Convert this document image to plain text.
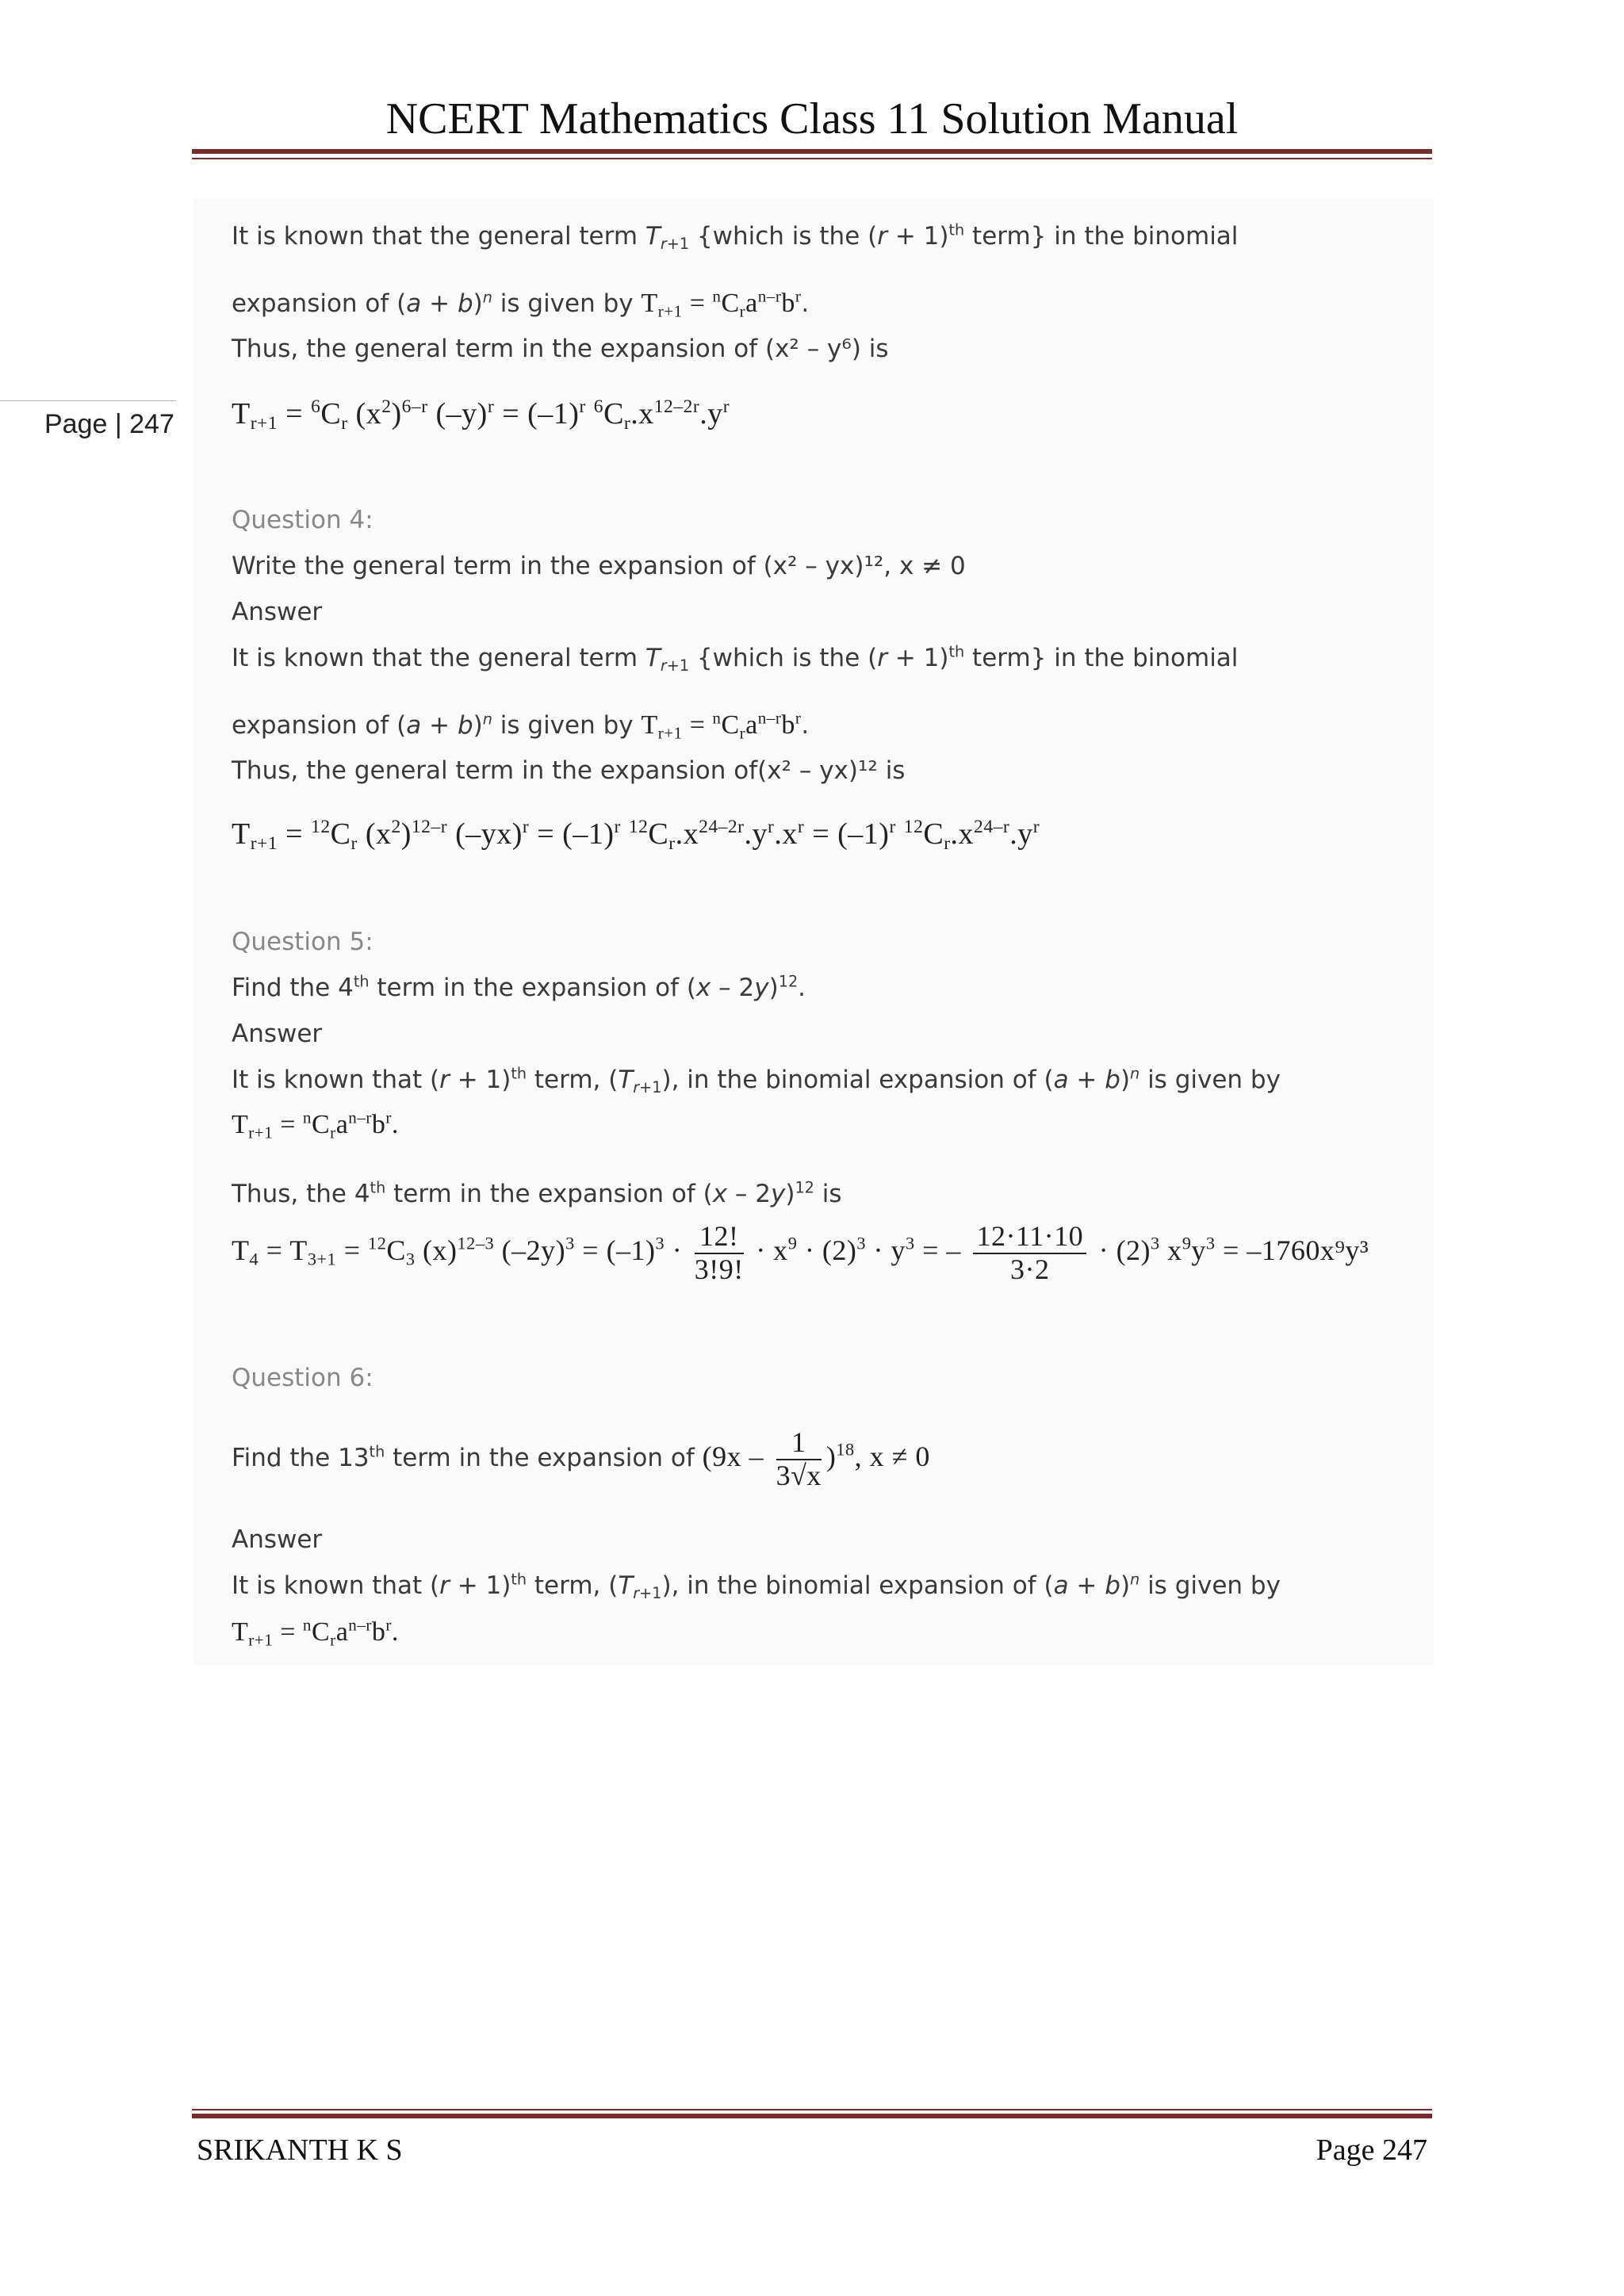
NCERT Mathematics Class 11 Solution Manual
Page | 247
It is known that the general term $T_{r+1}$ {which is the $(r + 1)^{th}$ term} in the binomial
expansion of $(a + b)^n$ is given by $T_{r+1} = ^nC_ra^{n-r}b^r$.
Thus, the general term in the expansion of (x² – y⁶) is
$T_{r+1} = ^6C_r$ $(x^2)^{6-r}$ $(-y)^r = (-1)^r$ $^6C_r.x^{12-2r}.y^r$
Question 4:
Write the general term in the expansion of (x² – yx)¹², x ≠ 0
Answer
It is known that the general term $T_{r+1}$ {which is the $(r + 1)^{th}$ term} in the binomial
expansion of $(a + b)^n$ is given by $T_{r+1} = ^nC_ra^{n-r}b^r$.
Thus, the general term in the expansion of(x² – yx)¹² is
$T_{r+1} = ^{12}C_r$ $(x^2)^{12-r}$ $(-yx)^r = (-1)^r$ $^{12}C_r.x^{24-2r}.y^r.x^r = (-1)^r$ $^{12}C_r.x^{24-r}.y^r$
Question 5:
Find the 4th term in the expansion of (x – 2y)$^{12}$.
Answer
It is known that $(r + 1)^{th}$ term, $(T_{r+1})$, in the binomial expansion of $(a + b)^n$ is given by
$T_{r+1} = ^nC_ra^{n-r}b^r$.
Thus, the 4th term in the expansion of (x – 2y)$^{12}$ is
$T_4 = T_{3+1} = ^{12}C_3$ $(x)^{12-3}$ $(-2y)^3 = (-1)^3 \cdot \frac{12!}{3!9!} \cdot x^9 \cdot (2)^3 \cdot y^3$ = – $\frac{12\cdot 11\cdot 10}{3\cdot 2} \cdot (2)^3$ $x^9y^3 = -1760x^9y^3$
Question 6:
Find the 13th term in the expansion of $(9x - \frac{1}{3√x} )^{18}$, x ≠ 0
Answer
It is known that $(r + 1)^{th}$ term, $(T_{r+1})$, in the binomial expansion of $(a + b)^n$ is given by
$T_{r+1} = ^nC_ra^{n-r}b^r$.
SRIKANTH K S	Page 247
